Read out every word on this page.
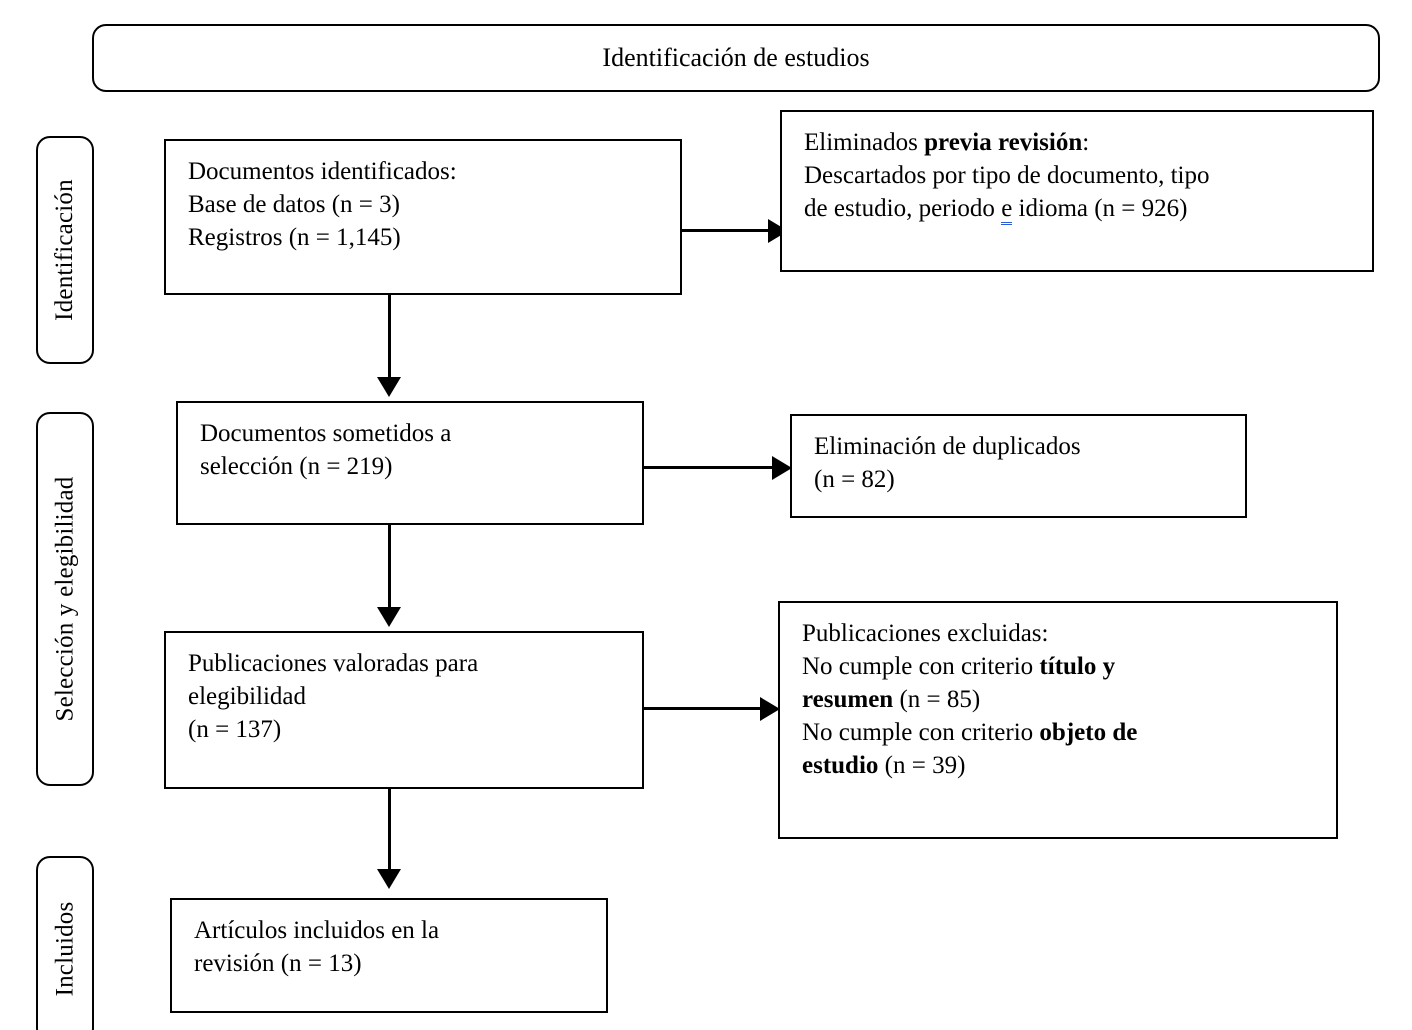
Identificación de estudios
Identificación
Selección y elegibilidad
Incluidos
Documentos identificados:
Base de datos (n = 3)
Registros (n = 1,145)
Eliminados previa revisión:
Descartados por tipo de documento, tipo
de estudio, periodo e idioma (n = 926)
Documentos sometidos a
selección (n = 219)
Eliminación de duplicados
(n = 82)
Publicaciones valoradas para
elegibilidad
(n = 137)
Publicaciones excluidas:
No cumple con criterio título y
resumen (n = 85)
No cumple con criterio objeto de
estudio (n = 39)
Artículos incluidos en la
revisión (n = 13)
